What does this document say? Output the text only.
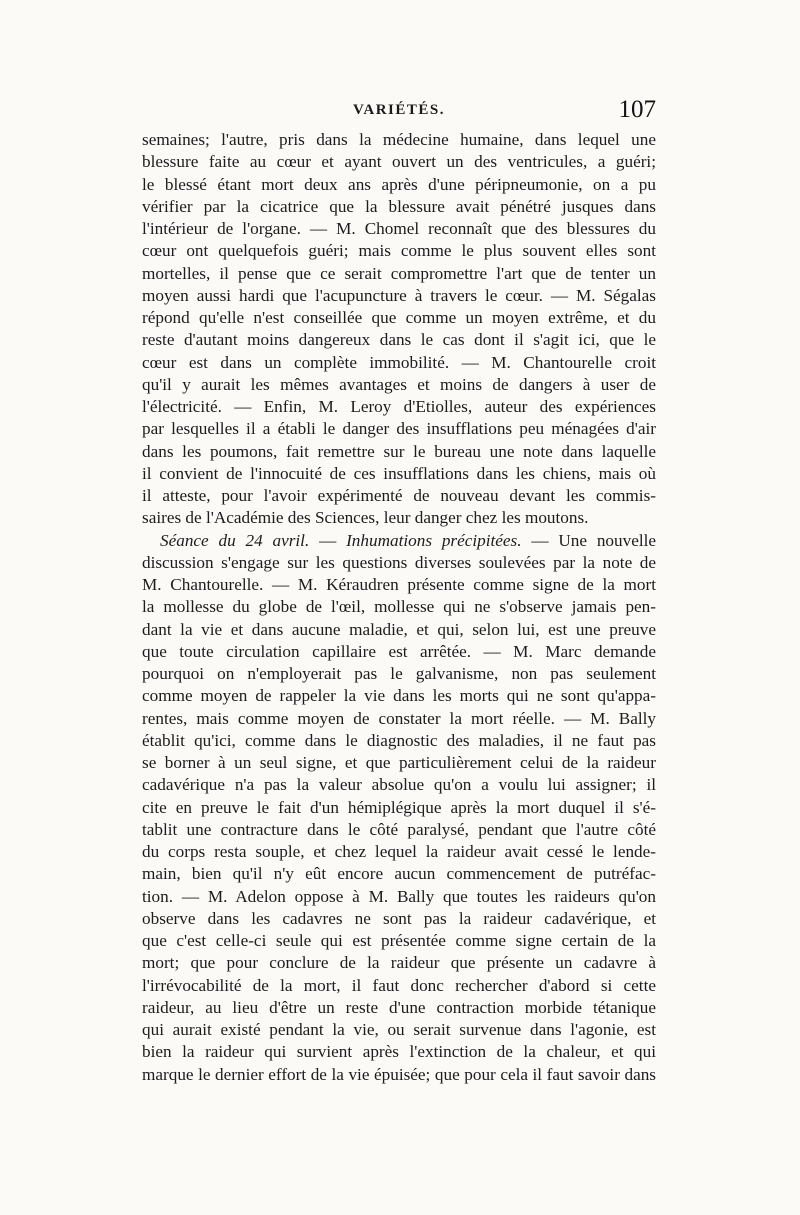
VARIÉTÉS.	107
semaines; l'autre, pris dans la médecine humaine, dans lequel une
blessure faite au cœur et ayant ouvert un des ventricules, a guéri;
le blessé étant mort deux ans après d'une péripneumonie, on a pu
vérifier par la cicatrice que la blessure avait pénétré jusques dans
l'intérieur de l'organe. — M. Chomel reconnaît que des blessures du
cœur ont quelquefois guéri; mais comme le plus souvent elles sont
mortelles, il pense que ce serait compromettre l'art que de tenter un
moyen aussi hardi que l'acupuncture à travers le cœur. — M. Ségalas
répond qu'elle n'est conseillée que comme un moyen extrême, et du
reste d'autant moins dangereux dans le cas dont il s'agit ici, que le
cœur est dans un complète immobilité. — M. Chantourelle croit
qu'il y aurait les mêmes avantages et moins de dangers à user de
l'électricité. — Enfin, M. Leroy d'Etiolles, auteur des expériences
par lesquelles il a établi le danger des insufflations peu ménagées d'air
dans les poumons, fait remettre sur le bureau une note dans laquelle
il convient de l'innocuité de ces insufflations dans les chiens, mais où
il atteste, pour l'avoir expérimenté de nouveau devant les commis-
saires de l'Académie des Sciences, leur danger chez les moutons.
Séance du 24 avril. — Inhumations précipitées. — Une nouvelle
discussion s'engage sur les questions diverses soulevées par la note de
M. Chantourelle. — M. Kéraudren présente comme signe de la mort
la mollesse du globe de l'œil, mollesse qui ne s'observe jamais pen-
dant la vie et dans aucune maladie, et qui, selon lui, est une preuve
que toute circulation capillaire est arrêtée. — M. Marc demande
pourquoi on n'employerait pas le galvanisme, non pas seulement
comme moyen de rappeler la vie dans les morts qui ne sont qu'appa-
rentes, mais comme moyen de constater la mort réelle. — M. Bally
établit qu'ici, comme dans le diagnostic des maladies, il ne faut pas
se borner à un seul signe, et que particulièrement celui de la raideur
cadavérique n'a pas la valeur absolue qu'on a voulu lui assigner; il
cite en preuve le fait d'un hémiplégique après la mort duquel il s'é-
tablit une contracture dans le côté paralysé, pendant que l'autre côté
du corps resta souple, et chez lequel la raideur avait cessé le lende-
main, bien qu'il n'y eût encore aucun commencement de putréfac-
tion. — M. Adelon oppose à M. Bally que toutes les raideurs qu'on
observe dans les cadavres ne sont pas la raideur cadavérique, et
que c'est celle-ci seule qui est présentée comme signe certain de la
mort; que pour conclure de la raideur que présente un cadavre à
l'irrévocabilité de la mort, il faut donc rechercher d'abord si cette
raideur, au lieu d'être un reste d'une contraction morbide tétanique
qui aurait existé pendant la vie, ou serait survenue dans l'agonie, est
bien la raideur qui survient après l'extinction de la chaleur, et qui
marque le dernier effort de la vie épuisée; que pour cela il faut savoir dans
